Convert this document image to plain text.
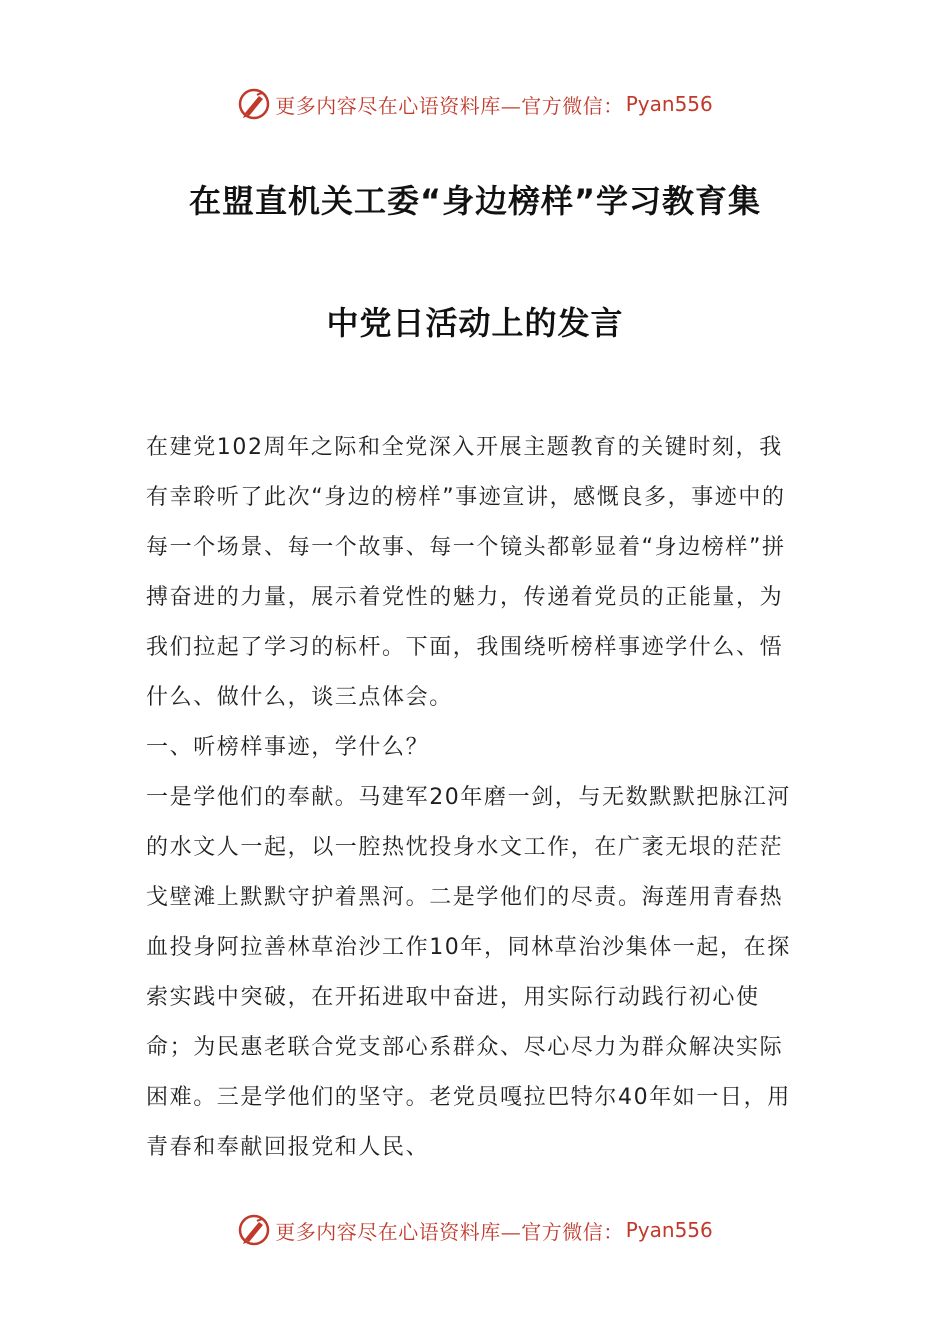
更多内容尽在心语资料库—官方微信： Pyan556
在盟直机关工委“身边榜样”学习教育集
中党日活动上的发言

在建党102周年之际和全党深入开展主题教育的关键时刻，我有幸聆听了此次“身边的榜样”事迹宣讲，感慨良多，事迹中的每一个场景、每一个故事、每一个镜头都彰显着“身边榜样”拼搏奋进的力量，展示着党性的魅力，传递着党员的正能量，为我们拉起了学习的标杆。下面，我围绕听榜样事迹学什么、悟什么、做什么，谈三点体会。

一、听榜样事迹，学什么？

一是学他们的奉献。马建军20年磨一剑，与无数默默把脉江河的水文人一起，以一腔热忱投身水文工作，在广袤无垠的茫茫戈壁滩上默默守护着黑河。二是学他们的尽责。海莲用青春热血投身阿拉善林草治沙工作10年，同林草治沙集体一起，在探索实践中突破，在开拓进取中奋进，用实际行动践行初心使命；为民惠老联合党支部心系群众、尽心尽力为群众解决实际困难。三是学他们的坚守。老党员嘎拉巴特尔40年如一日，用青春和奉献回报党和人民、

更多内容尽在心语资料库—官方微信： Pyan556
